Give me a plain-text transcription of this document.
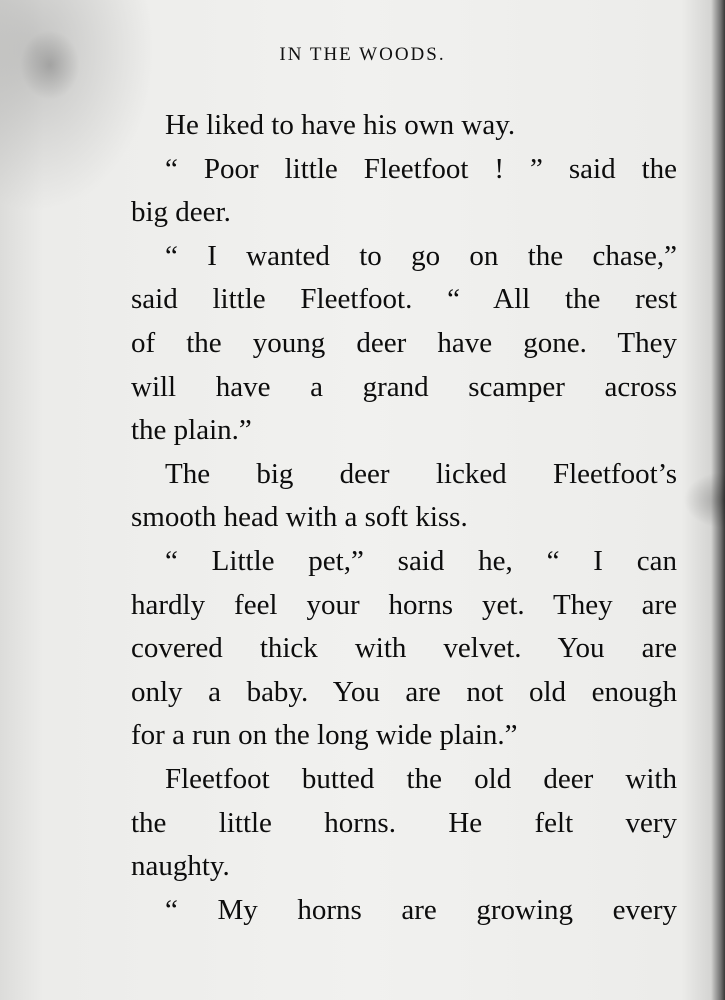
IN THE WOODS.
He liked to have his own way.
“ Poor little Fleetfoot ! ” said the
big deer.
“ I wanted to go on the chase,”
said little Fleetfoot. “ All the rest
of the young deer have gone. They
will have a grand scamper across
the plain.”
The big deer licked Fleetfoot’s
smooth head with a soft kiss.
“ Little pet,” said he, “ I can
hardly feel your horns yet. They are
covered thick with velvet. You are
only a baby. You are not old enough
for a run on the long wide plain.”
Fleetfoot butted the old deer with
the little horns. He felt very
naughty.
“ My horns are growing every
